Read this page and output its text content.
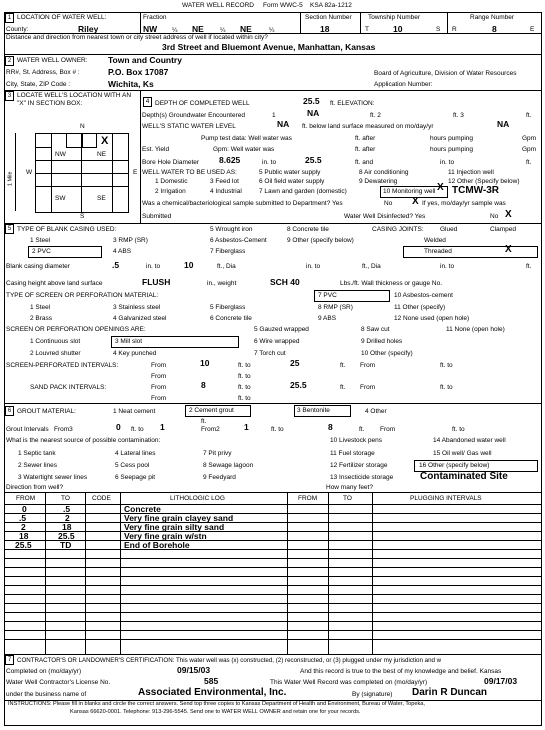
WATER WELL RECORD Form WWC-5 KSA 82a-1212
1 LOCATION OF WATER WELL:
County:	Riley
Fraction
NW ¼ NE ¼ NE	¼
Section Number
18
Township Number
T	10	S
Range Number
R	8	E
Distance and direction from nearest town or city street address of well if located within city?
3rd Street and Bluemont Avenue, Manhattan, Kansas
2 WATER WELL OWNER: Town and Country
RR#, St. Address, Box # :	P.O. Box 17087	Board of Agriculture, Division of Water Resources
City, State, ZIP Code :	Wichita, Ks	Application Number:
3 LOCATE WELL'S LOCATION WITH AN "X" IN SECTION BOX:
N
S
W	E
1 Mile
NW	NE
SW	SE
X
4 DEPTH OF COMPLETED WELL	25.5 ft. ELEVATION:
Depth(s) Groundwater Encountered	1	NA	ft. 2	ft. 3	ft.
WELL'S STATIC WATER LEVEL	NA ft. below land surface measured on mo/day/yr	NA
Pump test data: Well water was	ft. after	hours pumping	Gpm
Est. Yield	Gpm: Well water was	ft. after	hours pumping	Gpm
Bore Hole Diameter 8.625	in. to	25.5	ft. and	in. to	ft.
WELL WATER TO BE USED AS:
1 Domestic	3 Feed lot
5 Public water supply	8 Air conditioning	11 Injection well
2 Irrigation	4 Industrial
6 Oil field water supply	9 Dewatering	12 Other (Specify below)
7 Lawn and garden (domestic)	10 Monitoring well X TCMW-3R
Was a chemical/bacteriological sample submitted to Department? Yes	No X If yes, mo/day/yr sample was
Submitted	Water Well Disinfected? Yes	No X
5 TYPE OF BLANK CASING USED:	5 Wrought iron	8 Concrete tile	CASING JOINTS:	Glued	Clamped
1 Steel	3 RMP (SR)	6 Asbestos-Cement	9 Other (specify below)	Welded
2 PVC	4 ABS	7 Fiberglass	Threaded	X
Blank casing diameter	.5	in. to	10	ft., Dia	in. to	ft., Dia	in. to	ft.
Casing height above land surface	FLUSH	in., weight	SCH 40	Lbs./ft. Wall thickness or gauge No.
TYPE OF SCREEN OR PERFORATION MATERIAL:	7 PVC	10 Asbestos-cement
1 Steel	3 Stainless steel	5 Fiberglass	8 RMP (SR)	11 Other (specify)
2 Brass	4 Galvanized steel	6 Concrete tile	9 ABS	12 None used (open hole)
SCREEN OR PERFORATION OPENINGS ARE:	5 Gauzed wrapped	8 Saw cut	11 None (open hole)
1 Continuous slot	3 Mill slot	6 Wire wrapped	9 Drilled holes
2 Louvred shutter	4 Key punched	7 Torch cut	10 Other (specify)
SCREEN-PERFORATED INTERVALS:	From	10	ft. to	25	ft. From	ft. to
From	ft. to
SAND PACK INTERVALS:	From	8	ft. to	25.5	ft. From	ft. to
From	ft. to
6 GROUT MATERIAL:	1 Neat cement	2 Cement grout	3 Bentonite	4 Other
Grout Intervals From3	0 ft. to 1
ft.
From2	1	ft. to	8	ft. From	ft. to
What is the nearest source of possible contamination:	10 Livestock pens	14 Abandoned water well
1 Septic tank	4 Lateral lines	7 Pit privy	11 Fuel storage	15 Oil well/ Gas well
2 Sewer lines	5 Cess pool	8 Sewage lagoon	12 Fertilizer storage	16 Other (specify below)
3 Watertight sewer lines	6 Seepage pit	9 Feedyard	13 Insecticide storage	Contaminated Site
Direction from well?	How many feet?
FROM	TO	CODE	LITHOLOGIC LOG	FROM	TO	PLUGGING INTERVALS
0	.5	Concrete
.5	2	Very fine grain clayey sand
2	18	Very fine grain silty sand
18	25.5	Very fine grain w/stn
25.5	TD	End of Borehole
7 CONTRACTOR'S OR LANDOWNER'S CERTIFICATION: This water well was (x) constructed, (2) reconstructed, or (3) plugged under my jurisdiction and w
Completed on (mo/day/yr)	09/15/03	And this record is true to the best of my knowledge and belief. Kansas
Water Well Contractor's License No.	585	This Water Well Record was completed on (mo/day/yr)	09/17/03
under the business name of	Associated Environmental, Inc.	By (signature) Darin R Duncan
INSTRUCTIONS: Please fill in blanks and circle the correct answers. Send top three copies to Kansas Department of Health and Environment, Bureau of Water, Topeka,
Kansas 66620-0001. Telephone: 913-296-5545. Send one to WATER WELL OWNER and retain one for your records.
